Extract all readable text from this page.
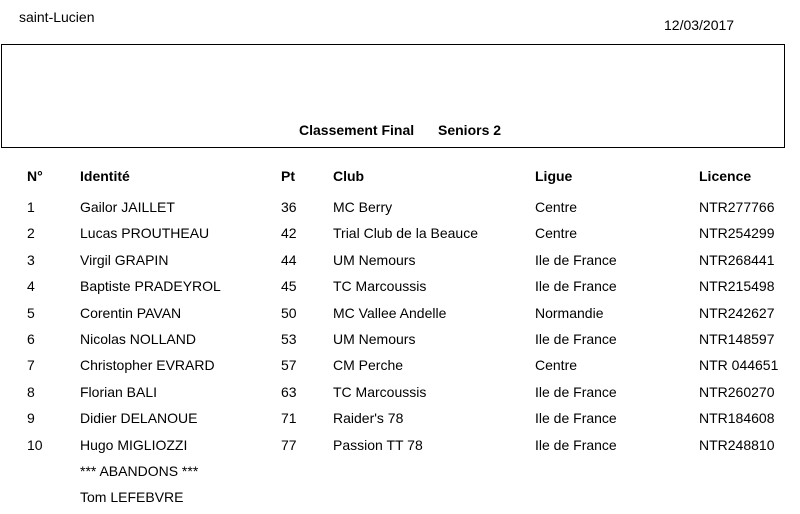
saint-Lucien	12/03/2017
Classement Final Seniors 2
N°	Identité	Pt	Club	Ligue	Licence
1	Gailor JAILLET	36	MC Berry	Centre	NTR277766
2	Lucas PROUTHEAU	42	Trial Club de la Beauce	Centre	NTR254299
3	Virgil GRAPIN	44	UM Nemours	Ile de France	NTR268441
4	Baptiste PRADEYROL	45	TC Marcoussis	Ile de France	NTR215498
5	Corentin PAVAN	50	MC Vallee Andelle	Normandie	NTR242627
6	Nicolas NOLLAND	53	UM Nemours	Ile de France	NTR148597
7	Christopher EVRARD	57	CM Perche	Centre	NTR 044651
8	Florian BALI	63	TC Marcoussis	Ile de France	NTR260270
9	Didier DELANOUE	71	Raider's 78	Ile de France	NTR184608
10	Hugo MIGLIOZZI	77	Passion TT 78	Ile de France	NTR248810
*** ABANDONS ***
Tom LEFEBVRE
